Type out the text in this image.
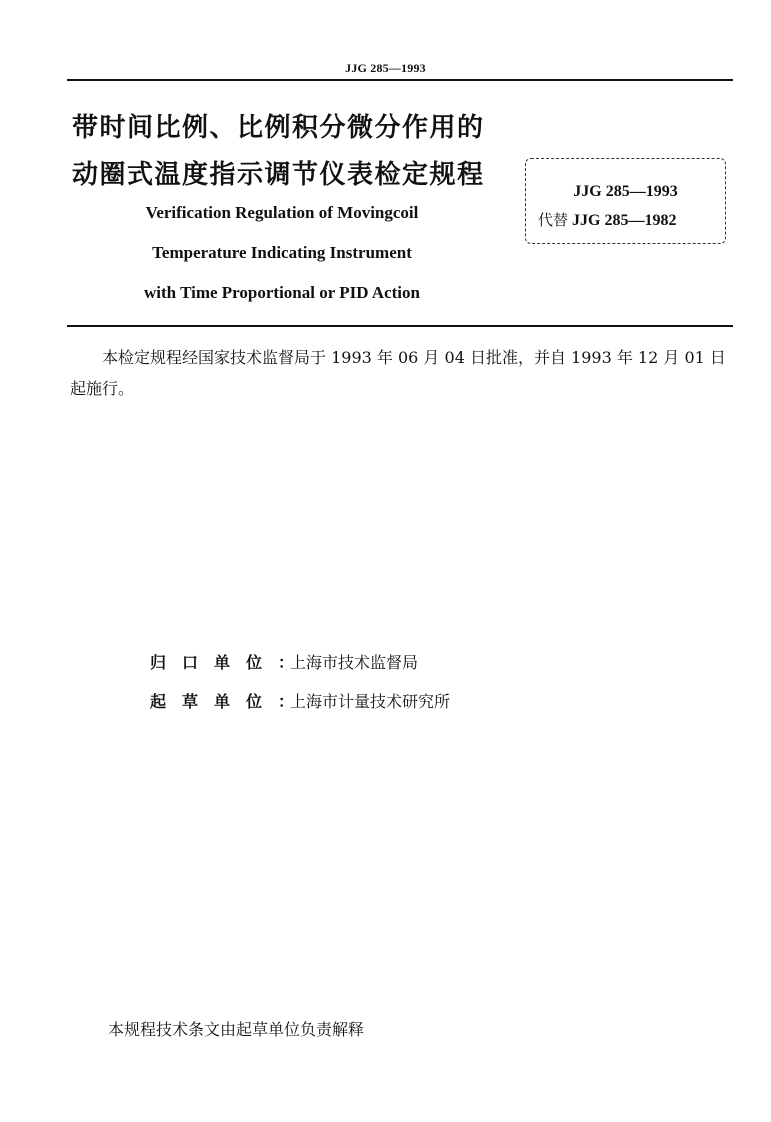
JJG 285—1993
带时间比例、比例积分微分作用的
动圈式温度指示调节仪表检定规程
JJG 285—1993
代替 JJG 285—1982
Verification Regulation of Movingcoil
Temperature Indicating Instrument
with Time Proportional or PID Action
本检定规程经国家技术监督局于 1993 年 06 月 04 日批准，并自 1993 年 12 月 01 日起施行。
归口单位：上海市技术监督局
起草单位：上海市计量技术研究所
本规程技术条文由起草单位负责解释
